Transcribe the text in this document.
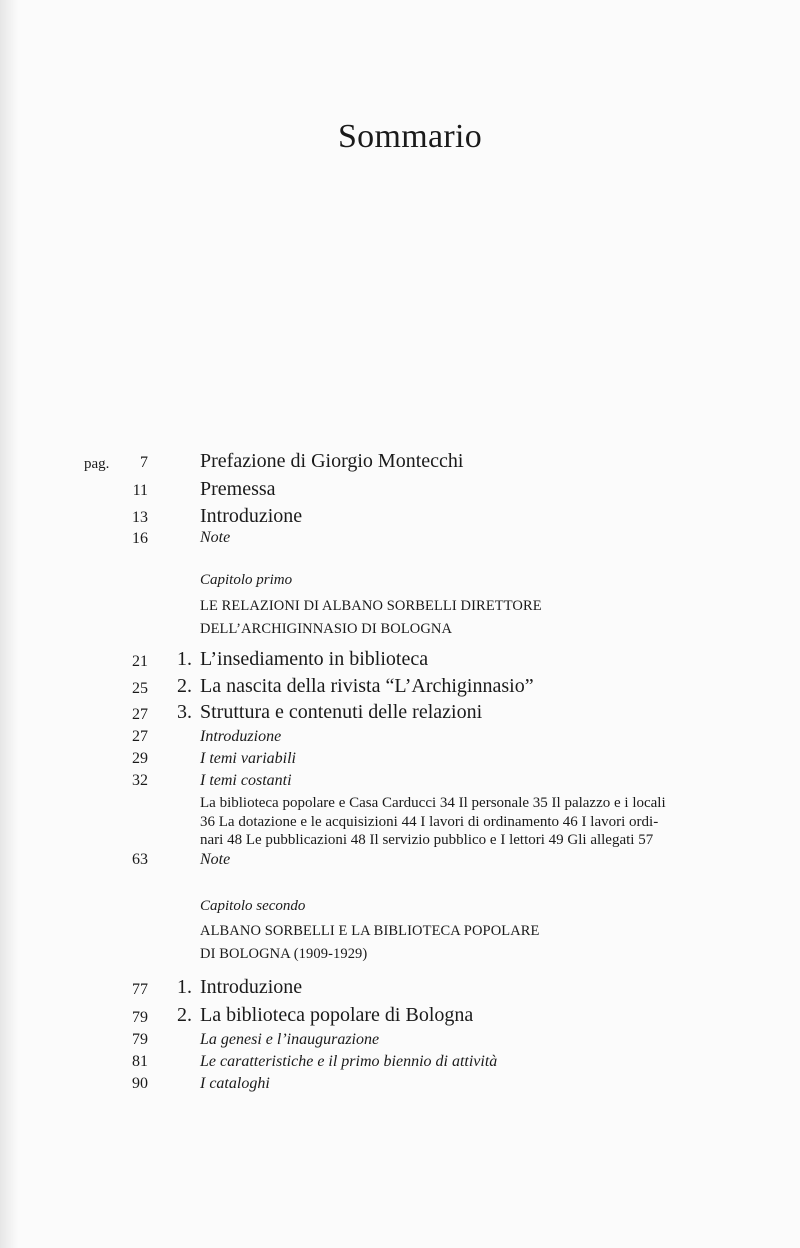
Sommario
pag.	7	Prefazione di Giorgio Montecchi
11	Premessa
13	Introduzione
16	Note
Capitolo primo
LE RELAZIONI DI ALBANO SORBELLI DIRETTORE
DELL’ARCHIGINNASIO DI BOLOGNA
21	1. L’insediamento in biblioteca
25	2. La nascita della rivista “L’Archiginnasio”
27	3. Struttura e contenuti delle relazioni
27	Introduzione
29	I temi variabili
32	I temi costanti
La biblioteca popolare e Casa Carducci 34 Il personale 35 Il palazzo e i locali
36 La dotazione e le acquisizioni 44 I lavori di ordinamento 46 I lavori ordi-
nari 48 Le pubblicazioni 48 Il servizio pubblico e I lettori 49 Gli allegati 57
63	Note
Capitolo secondo
ALBANO SORBELLI E LA BIBLIOTECA POPOLARE
DI BOLOGNA (1909-1929)
77	1. Introduzione
79	2. La biblioteca popolare di Bologna
79	La genesi e l’inaugurazione
81	Le caratteristiche e il primo biennio di attività
90	I cataloghi
